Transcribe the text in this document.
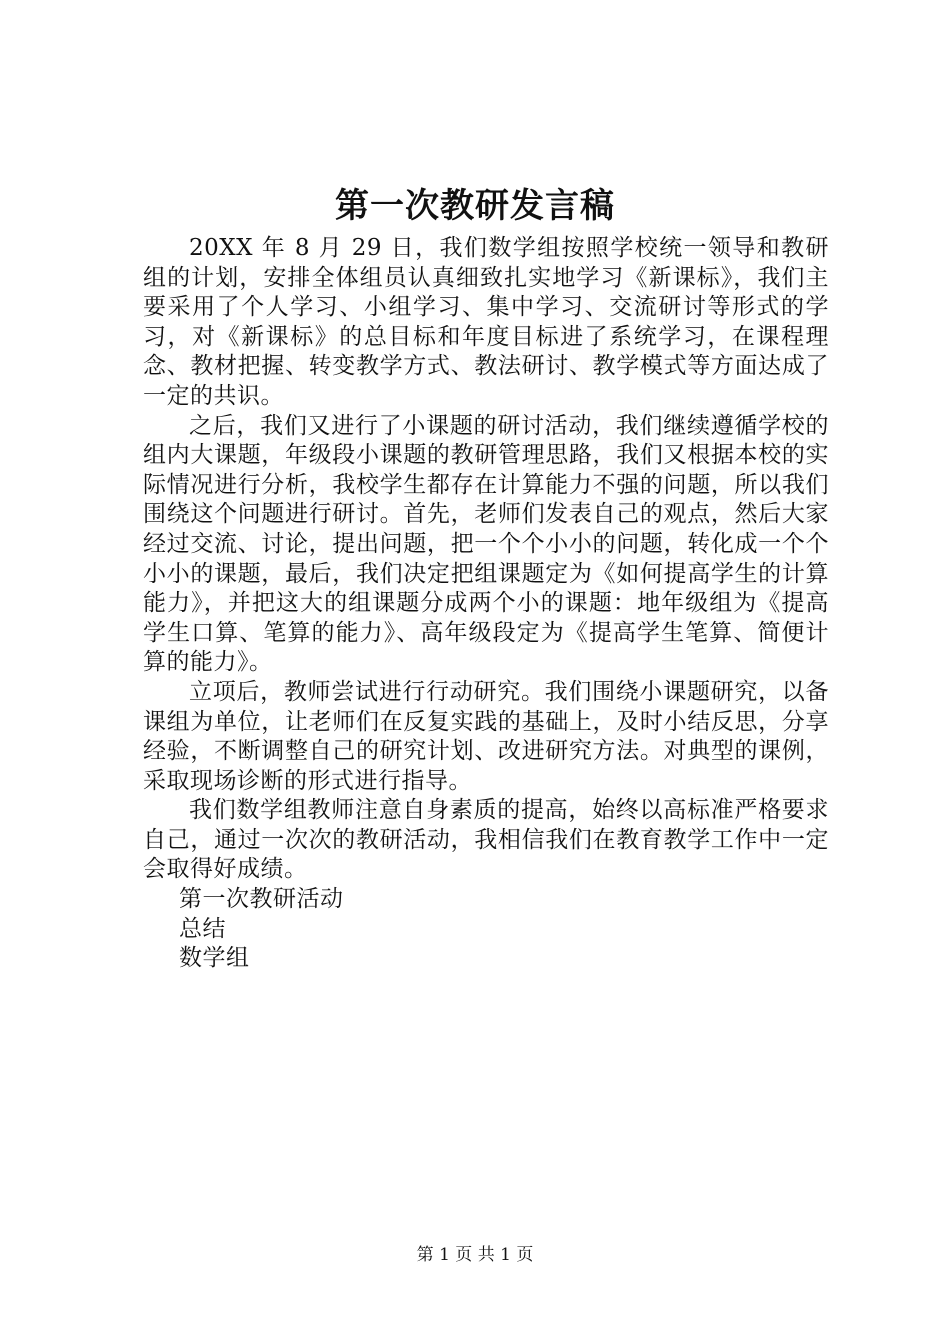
第一次教研发言稿

20XX 年 8 月 29 日，我们数学组按照学校统一领导和教研组的计划，安排全体组员认真细致扎实地学习《新课标》，我们主要采用了个人学习、小组学习、集中学习、交流研讨等形式的学习，对《新课标》的总目标和年度目标进了系统学习，在课程理念、教材把握、转变教学方式、教法研讨、教学模式等方面达成了一定的共识。

之后，我们又进行了小课题的研讨活动，我们继续遵循学校的组内大课题，年级段小课题的教研管理思路，我们又根据本校的实际情况进行分析，我校学生都存在计算能力不强的问题，所以我们围绕这个问题进行研讨。首先，老师们发表自己的观点，然后大家经过交流、讨论，提出问题，把一个个小小的问题，转化成一个个小小的课题，最后，我们决定把组课题定为《如何提高学生的计算能力》，并把这大的组课题分成两个小的课题：地年级组为《提高学生口算、笔算的能力》、高年级段定为《提高学生笔算、简便计算的能力》。

立项后，教师尝试进行行动研究。我们围绕小课题研究，以备课组为单位，让老师们在反复实践的基础上，及时小结反思，分享经验，不断调整自己的研究计划、改进研究方法。对典型的课例，采取现场诊断的形式进行指导。

我们数学组教师注意自身素质的提高，始终以高标准严格要求自己，通过一次次的教研活动，我相信我们在教育教学工作中一定会取得好成绩。

第一次教研活动

总结

数学组

第 1 页 共 1 页
